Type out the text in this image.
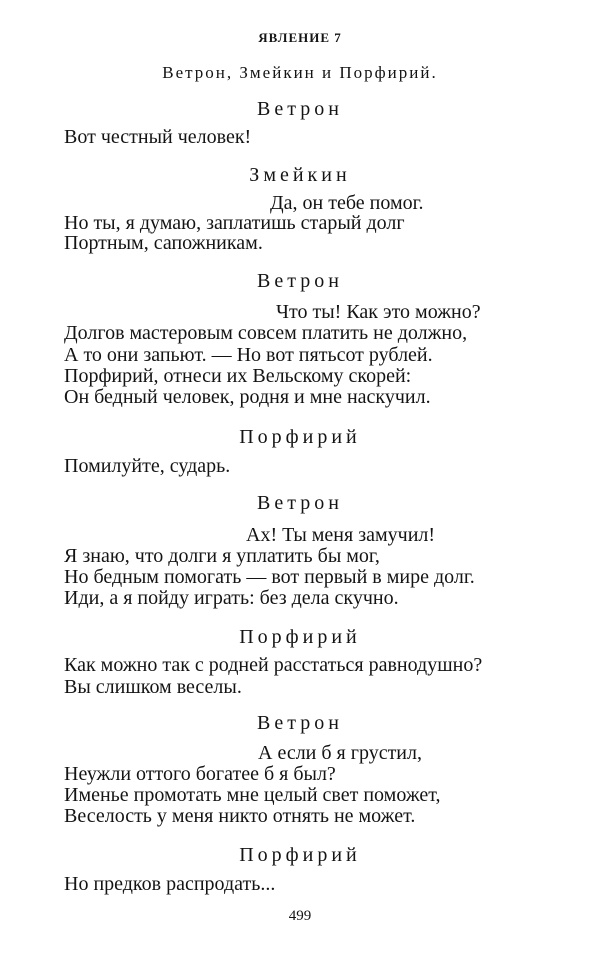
ЯВЛЕНИЕ 7
Ветрон, Змейкин и Порфирий.
Ветрон
Вот честный человек!
Змейкин
Да, он тебе помог.
Но ты, я думаю, заплатишь старый долг
Портным, сапожникам.
Ветрон
Что ты! Как это можно?
Долгов мастеровым совсем платить не должно,
А то они запьют. — Но вот пятьсот рублей.
Порфирий, отнеси их Вельскому скорей:
Он бедный человек, родня и мне наскучил.
Порфирий
Помилуйте, сударь.
Ветрон
Ах! Ты меня замучил!
Я знаю, что долги я уплатить бы мог,
Но бедным помогать — вот первый в мире долг.
Иди, а я пойду играть: без дела скучно.
Порфирий
Как можно так с родней расстаться равнодушно?
Вы слишком веселы.
Ветрон
А если б я грустил,
Неужли оттого богатее б я был?
Именье промотать мне целый свет поможет,
Веселость у меня никто отнять не может.
Порфирий
Но предков распродать...
499
